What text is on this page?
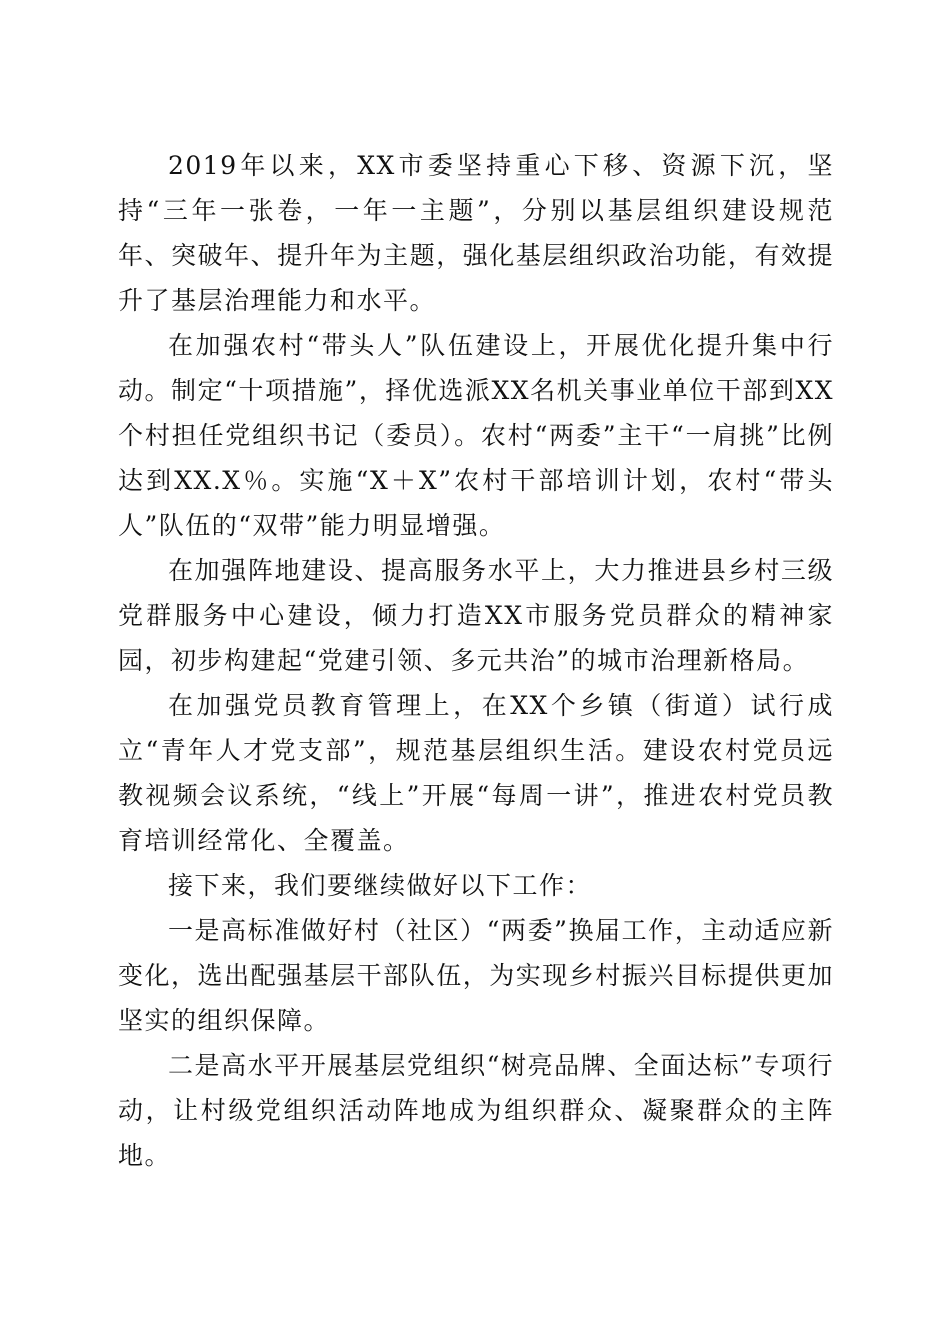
2019年以来，XX市委坚持重心下移、资源下沉，坚持“三年一张卷，一年一主题”，分别以基层组织建设规范年、突破年、提升年为主题，强化基层组织政治功能，有效提升了基层治理能力和水平。

在加强农村“带头人”队伍建设上，开展优化提升集中行动。制定“十项措施”，择优选派XX名机关事业单位干部到XX个村担任党组织书记（委员）。农村“两委”主干“一肩挑”比例达到XX.X％。实施“X＋X”农村干部培训计划，农村“带头人”队伍的“双带”能力明显增强。

在加强阵地建设、提高服务水平上，大力推进县乡村三级党群服务中心建设，倾力打造XX市服务党员群众的精神家园，初步构建起“党建引领、多元共治”的城市治理新格局。

在加强党员教育管理上，在XX个乡镇（街道）试行成立“青年人才党支部”，规范基层组织生活。建设农村党员远教视频会议系统，“线上”开展“每周一讲”，推进农村党员教育培训经常化、全覆盖。

接下来，我们要继续做好以下工作：

一是高标准做好村（社区）“两委”换届工作，主动适应新变化，选出配强基层干部队伍，为实现乡村振兴目标提供更加坚实的组织保障。

二是高水平开展基层党组织“树亮品牌、全面达标”专项行动，让村级党组织活动阵地成为组织群众、凝聚群众的主阵地。
